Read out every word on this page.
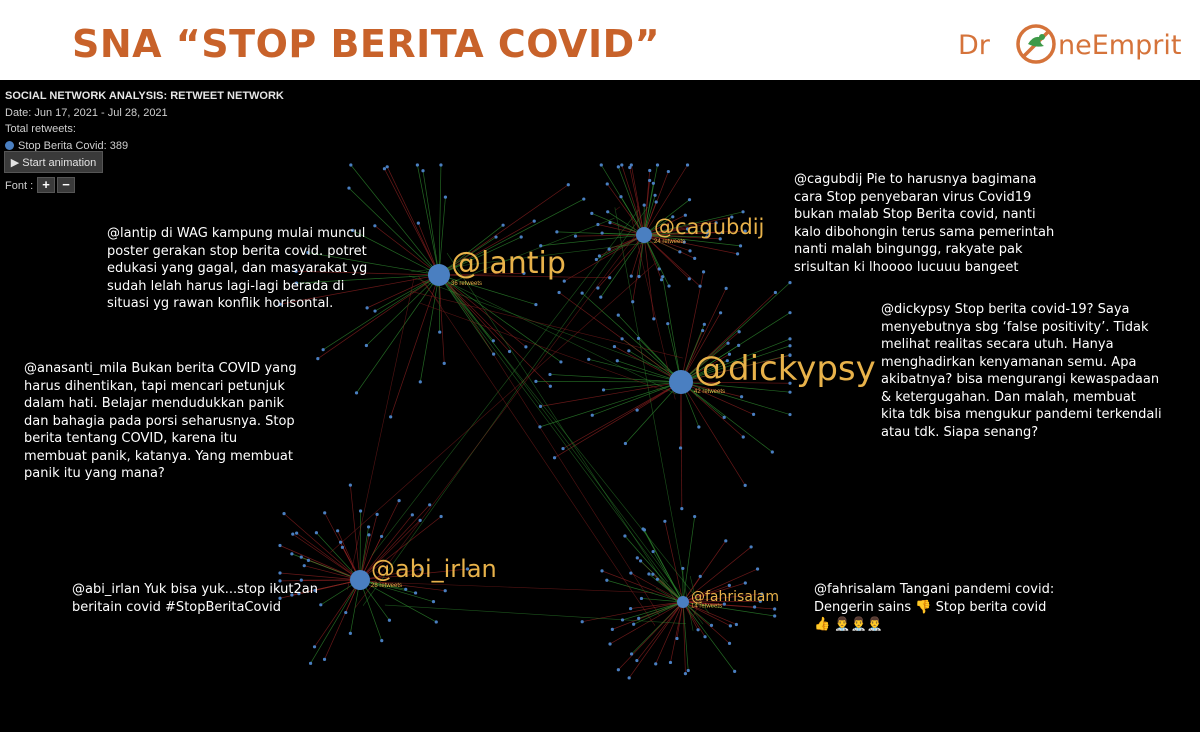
SNA “STOP BERITA COVID”	Dr	neEmprit
@lantip
36 retweets
@cagubdij
24 retweets
@dickypsy
42 retweets
@abi_irlan
28 retweets
@fahrisalam
14 retweets
SOCIAL NETWORK ANALYSIS: RETWEET NETWORK
Date: Jun 17, 2021 - Jul 28, 2021
Total retweets:
Stop Berita Covid: 389
▶ Start animation
Font : + −
@lantip di WAG kampung mulai muncul poster gerakan stop berita covid. potret edukasi yang gagal, dan masyarakat yg sudah lelah harus lagi-lagi berada di situasi yg rawan konflik horisontal.
@cagubdij Pie to harusnya bagimana cara Stop penyebaran virus Covid19 bukan malab Stop Berita covid, nanti kalo dibohongin terus sama pemerintah nanti malah bingungg, rakyate pak srisultan ki lhoooo lucuuu bangeet
@dickypsy Stop berita covid-19? Saya menyebutnya sbg ‘false positivity’. Tidak melihat realitas secara utuh. Hanya menghadirkan kenyamanan semu. Apa akibatnya? bisa mengurangi kewaspadaan & ketergugahan. Dan malah, membuat kita tdk bisa mengukur pandemi terkendali atau tdk. Siapa senang?
@anasanti_mila Bukan berita COVID yang harus dihentikan, tapi mencari petunjuk dalam hati. Belajar mendudukkan panik dan bahagia pada porsi seharusnya. Stop berita tentang COVID, karena itu membuat panik, katanya. Yang membuat panik itu yang mana?
@abi_irlan Yuk bisa yuk...stop ikut2an beritain covid #StopBeritaCovid
@fahrisalam Tangani pandemi covid: Dengerin sains 👎 Stop berita covid 👍 👨‍⚕️👨‍⚕️👨‍⚕️
